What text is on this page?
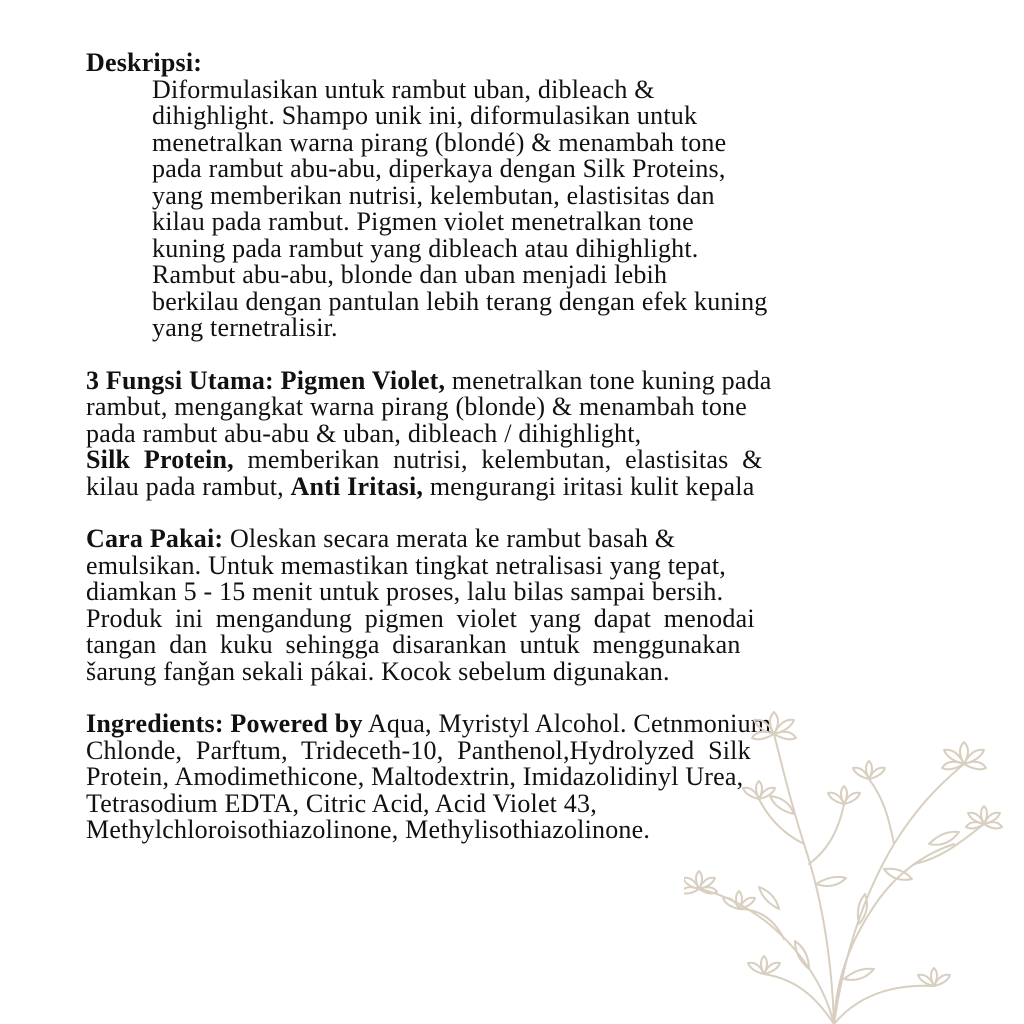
Deskripsi:
Diformulasikan untuk rambut uban, dibleach &
dihighlight. Shampo unik ini, diformulasikan untuk
menetralkan warna pirang (blondé) & menambah tone
pada rambut abu-abu, diperkaya dengan Silk Proteins,
yang memberikan nutrisi, kelembutan, elastisitas dan
kilau pada rambut. Pigmen violet menetralkan tone
kuning pada rambut yang dibleach atau dihighlight.
Rambut abu-abu, blonde dan uban menjadi lebih
berkilau dengan pantulan lebih terang dengan efek kuning
yang ternetralisir.
3 Fungsi Utama: Pigmen Violet, menetralkan tone kuning pada
rambut, mengangkat warna pirang (blonde) & menambah tone
pada rambut abu-abu & uban, dibleach / dihighlight,
Silk Protein, memberikan nutrisi, kelembutan, elastisitas &
kilau pada rambut, Anti Iritasi, mengurangi iritasi kulit kepala
Cara Pakai: Oleskan secara merata ke rambut basah &
emulsikan. Untuk memastikan tingkat netralisasi yang tepat,
diamkan 5 - 15 menit untuk proses, lalu bilas sampai bersih.
Produk ini mengandung pigmen violet yang dapat menodai
tangan dan kuku sehingga disarankan untuk menggunakan
šarung fanǧan sekali pákai. Kocok sebelum digunakan.
Ingredients: Powered by Aqua, Myristyl Alcohol. Cetnmonium
Chlonde, Parftum, Trideceth-10, Panthenol,Hydrolyzed Silk
Protein, Amodimethicone, Maltodextrin, Imidazolidinyl Urea,
Tetrasodium EDTA, Citric Acid, Acid Violet 43,
Methylchloroisothiazolinone, Methylisothiazolinone.
